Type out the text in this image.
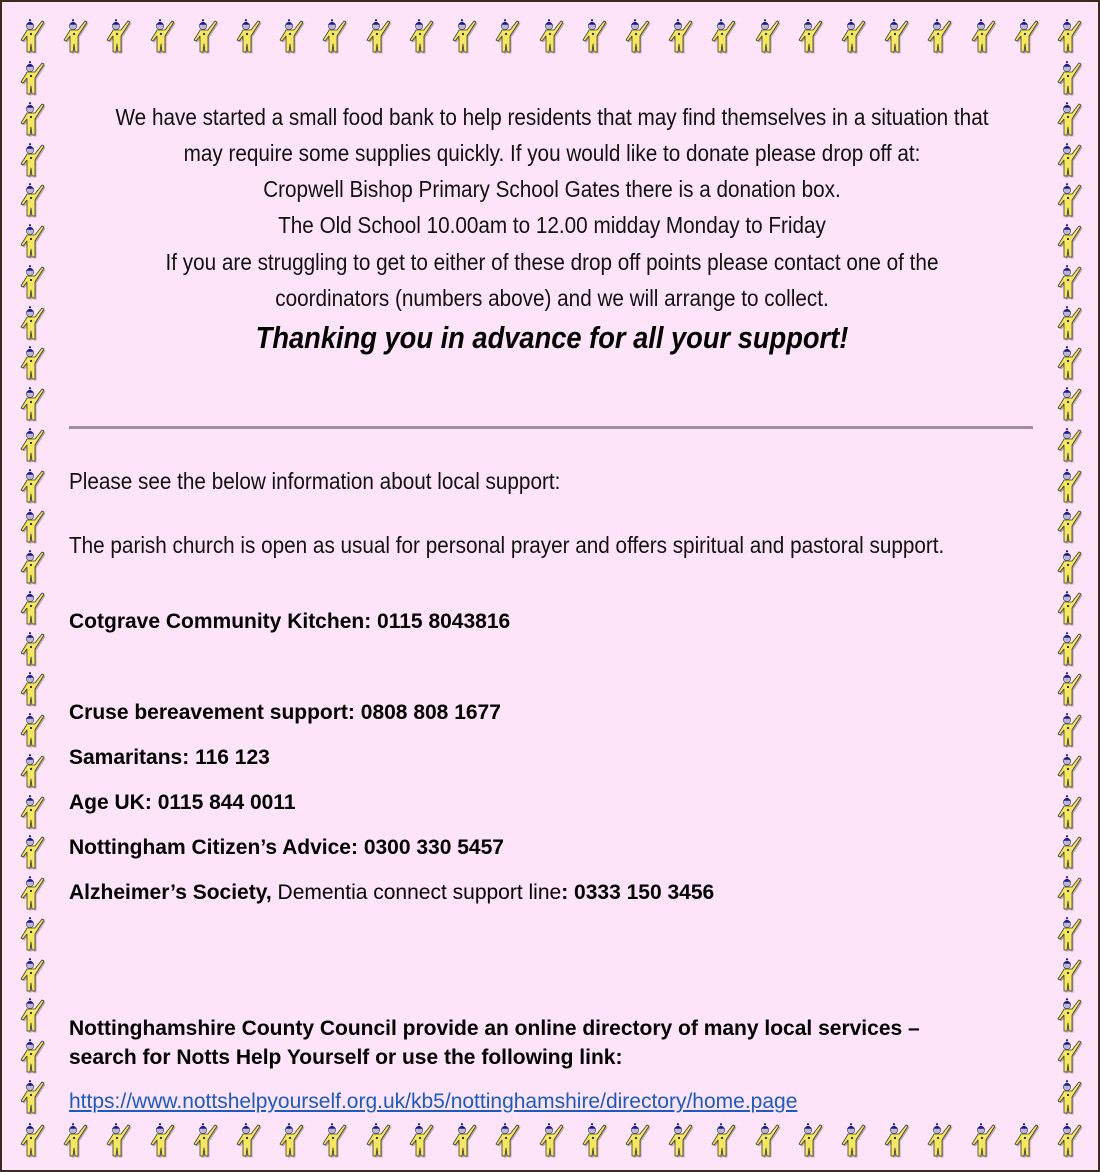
We have started a small food bank to help residents that may find themselves in a situation that
may require some supplies quickly. If you would like to donate please drop off at:
Cropwell Bishop Primary School Gates there is a donation box.
The Old School 10.00am to 12.00 midday Monday to Friday
If you are struggling to get to either of these drop off points please contact one of the
coordinators (numbers above) and we will arrange to collect.
Thanking you in advance for all your support!
Please see the below information about local support:
The parish church is open as usual for personal prayer and offers spiritual and pastoral support.
Cotgrave Community Kitchen: 0115 8043816
Cruse bereavement support: 0808 808 1677
Samaritans: 116 123
Age UK: 0115 844 0011
Nottingham Citizen’s Advice: 0300 330 5457
Alzheimer’s Society, Dementia connect support line: 0333 150 3456
Nottinghamshire County Council provide an online directory of many local services –
search for Notts Help Yourself or use the following link:
https://www.nottshelpyourself.org.uk/kb5/nottinghamshire/directory/home.page
